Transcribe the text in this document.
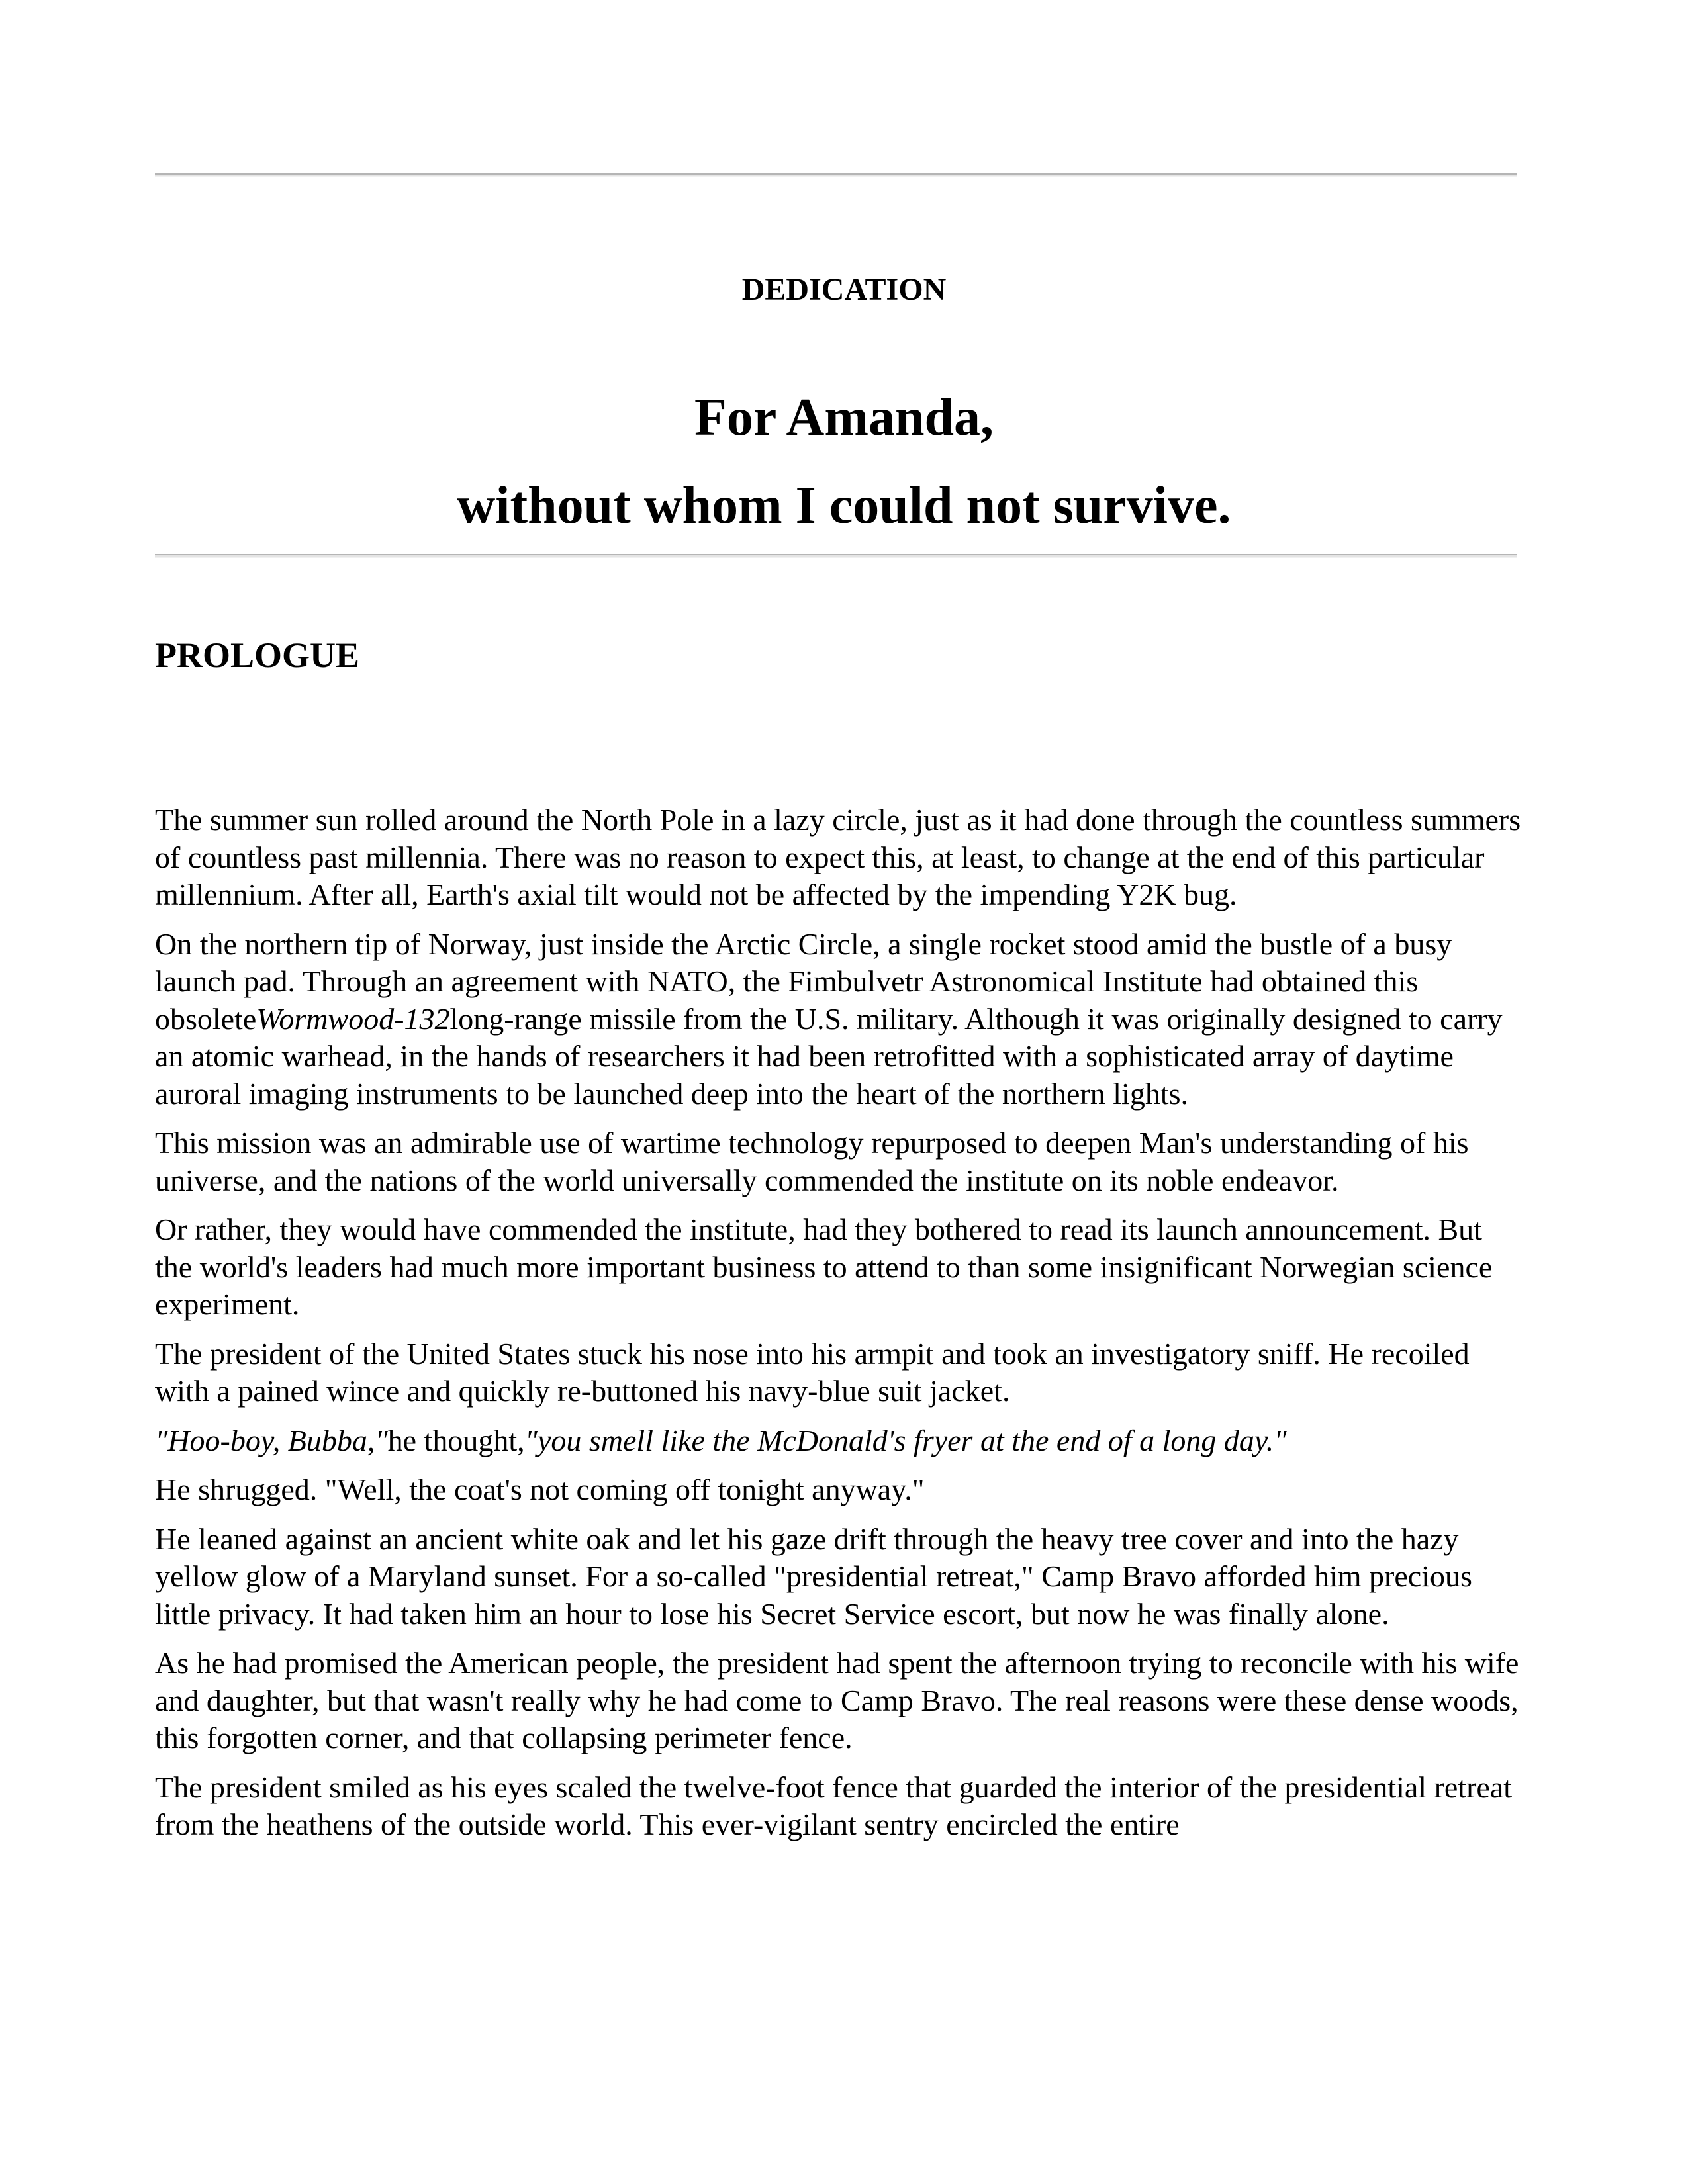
DEDICATION
For Amanda,
without whom I could not survive.
PROLOGUE

The summer sun rolled around the North Pole in a lazy circle, just as it had done through the countless summers of countless past millennia. There was no reason to expect this, at least, to change at the end of this particular millennium. After all, Earth's axial tilt would not be affected by the impending Y2K bug.

On the northern tip of Norway, just inside the Arctic Circle, a single rocket stood amid the bustle of a busy launch pad. Through an agreement with NATO, the Fimbulvetr Astronomical Institute had obtained this obsoleteWormwood-132long-range missile from the U.S. military. Although it was originally designed to carry an atomic warhead, in the hands of researchers it had been retrofitted with a sophisticated array of daytime auroral imaging instruments to be launched deep into the heart of the northern lights.

This mission was an admirable use of wartime technology repurposed to deepen Man's understanding of his universe, and the nations of the world universally commended the institute on its noble endeavor.

Or rather, they would have commended the institute, had they bothered to read its launch announcement. But the world's leaders had much more important business to attend to than some insignificant Norwegian science experiment.

The president of the United States stuck his nose into his armpit and took an investigatory sniff. He recoiled with a pained wince and quickly re-buttoned his navy-blue suit jacket.

"Hoo-boy, Bubba,"he thought,"you smell like the McDonald's fryer at the end of a long day."

He shrugged. "Well, the coat's not coming off tonight anyway."

He leaned against an ancient white oak and let his gaze drift through the heavy tree cover and into the hazy yellow glow of a Maryland sunset. For a so-called "presidential retreat," Camp Bravo afforded him precious little privacy. It had taken him an hour to lose his Secret Service escort, but now he was finally alone.

As he had promised the American people, the president had spent the afternoon trying to reconcile with his wife and daughter, but that wasn't really why he had come to Camp Bravo. The real reasons were these dense woods, this forgotten corner, and that collapsing perimeter fence.

The president smiled as his eyes scaled the twelve-foot fence that guarded the interior of the presidential retreat from the heathens of the outside world. This ever-vigilant sentry encircled the entire
